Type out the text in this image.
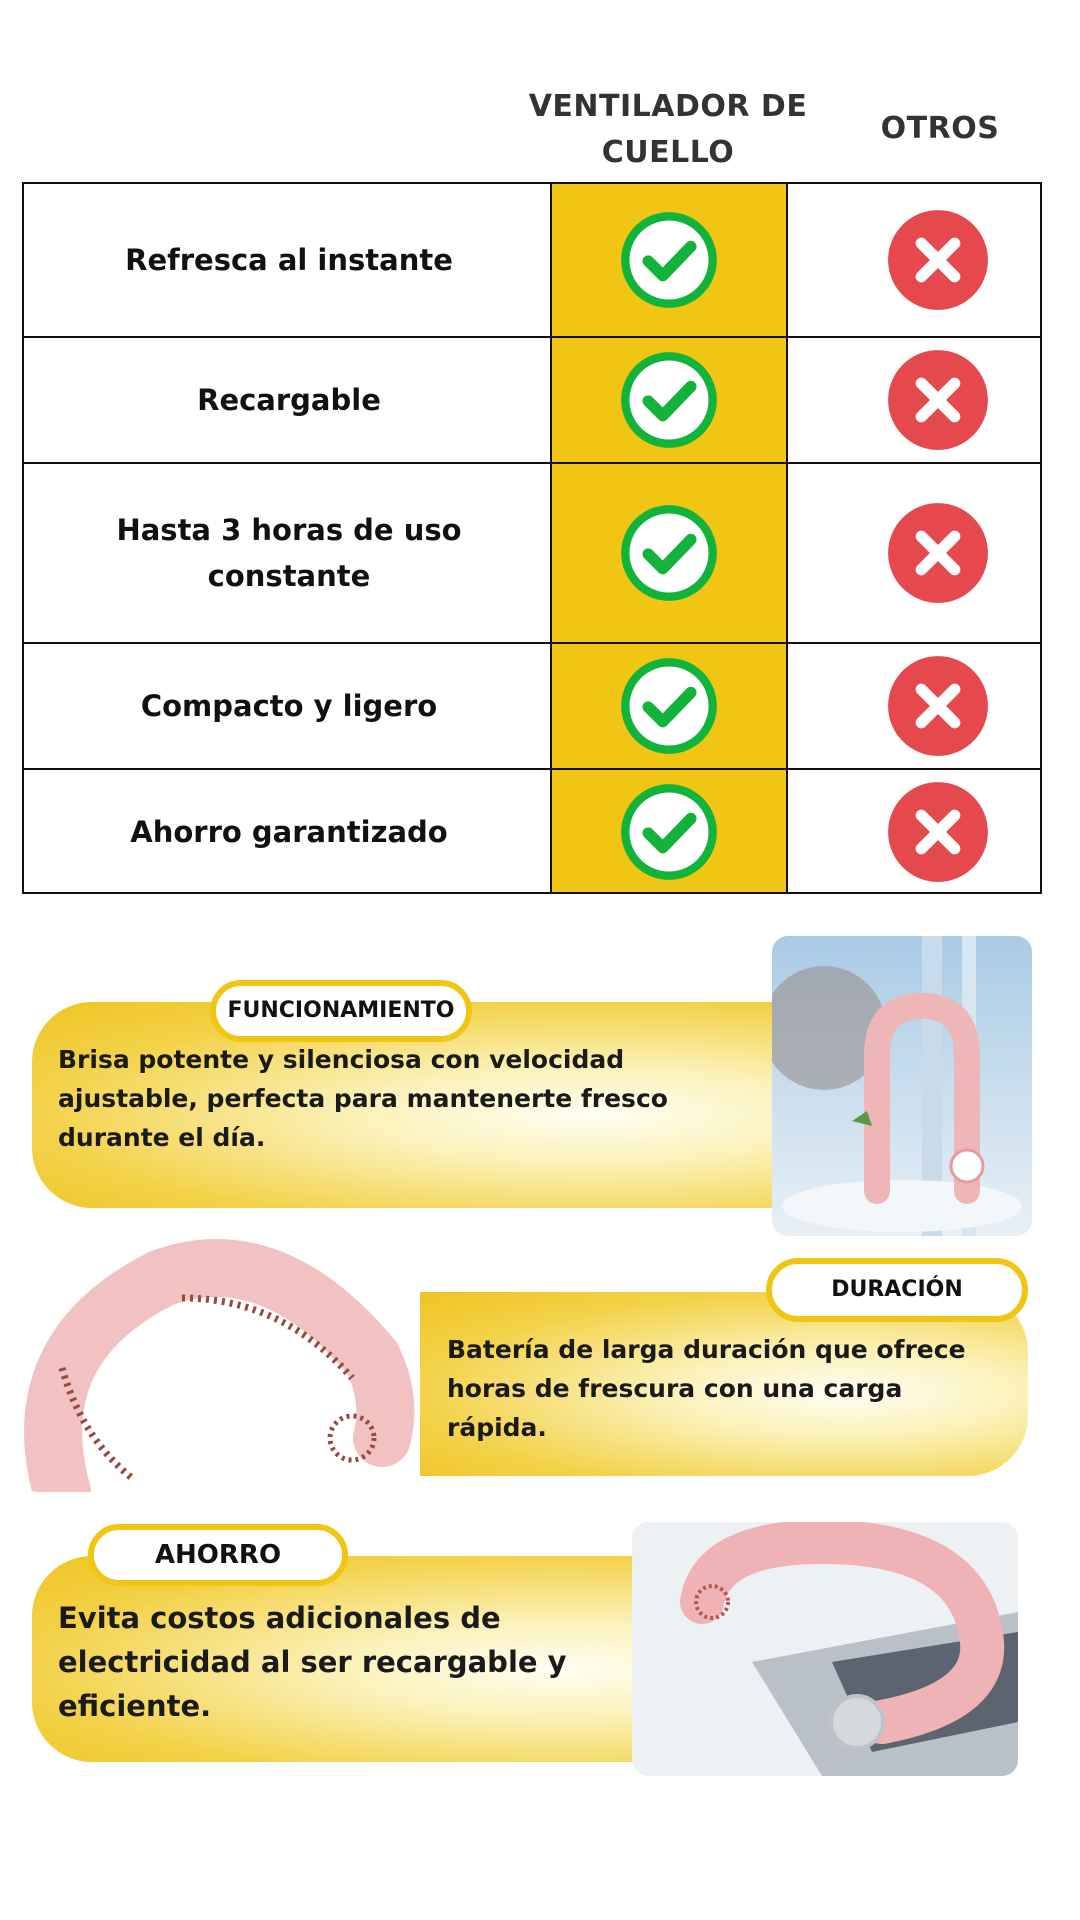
VENTILADOR DE CUELLO
OTROS
Refresca al instante
Recargable
Hasta 3 horas de uso constante
Compacto y ligero
Ahorro garantizado
FUNCIONAMIENTO
Brisa potente y silenciosa con velocidad ajustable, perfecta para mantenerte fresco durante el día.
DURACIÓN
Batería de larga duración que ofrece horas de frescura con una carga rápida.
AHORRO
Evita costos adicionales de electricidad al ser recargable y eficiente.
